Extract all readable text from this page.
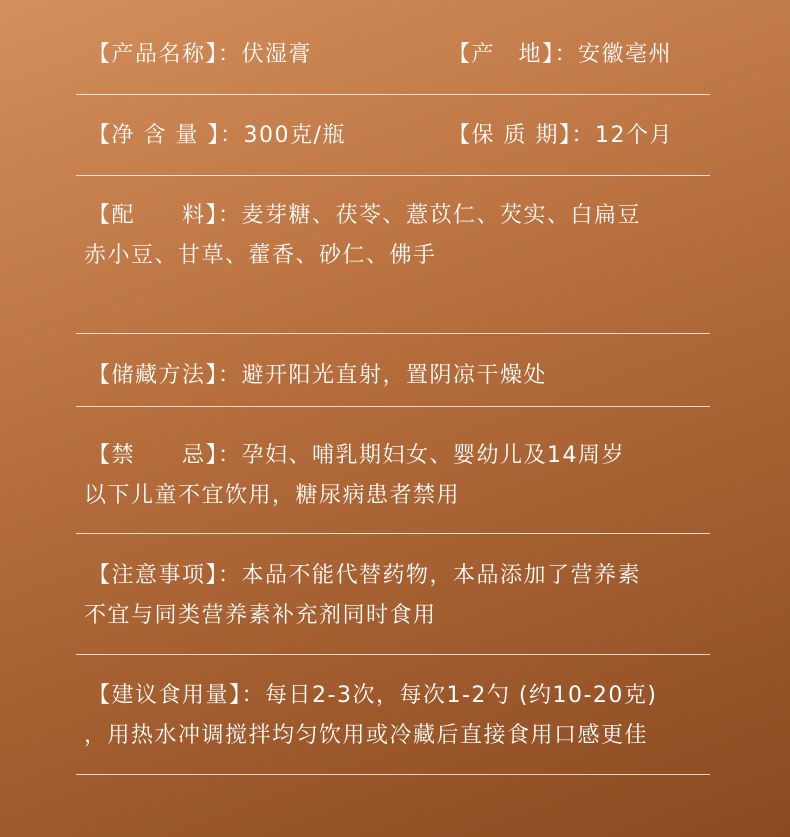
【产品名称】：伏湿膏	【产　地】：安徽亳州
【净 含 量 】：300克/瓶	【保 质 期】：12个月
【配　　料】：麦芽糖、茯苓、薏苡仁、芡实、白扁豆
赤小豆、甘草、藿香、砂仁、佛手
【储藏方法】：避开阳光直射，置阴凉干燥处
【禁　　忌】：孕妇、哺乳期妇女、婴幼儿及14周岁
以下儿童不宜饮用，糖尿病患者禁用
【注意事项】：本品不能代替药物，本品添加了营养素
不宜与同类营养素补充剂同时食用
【建议食用量】：每日2-3次，每次1-2勺 (约10-20克)
，用热水冲调搅拌均匀饮用或冷藏后直接食用口感更佳
